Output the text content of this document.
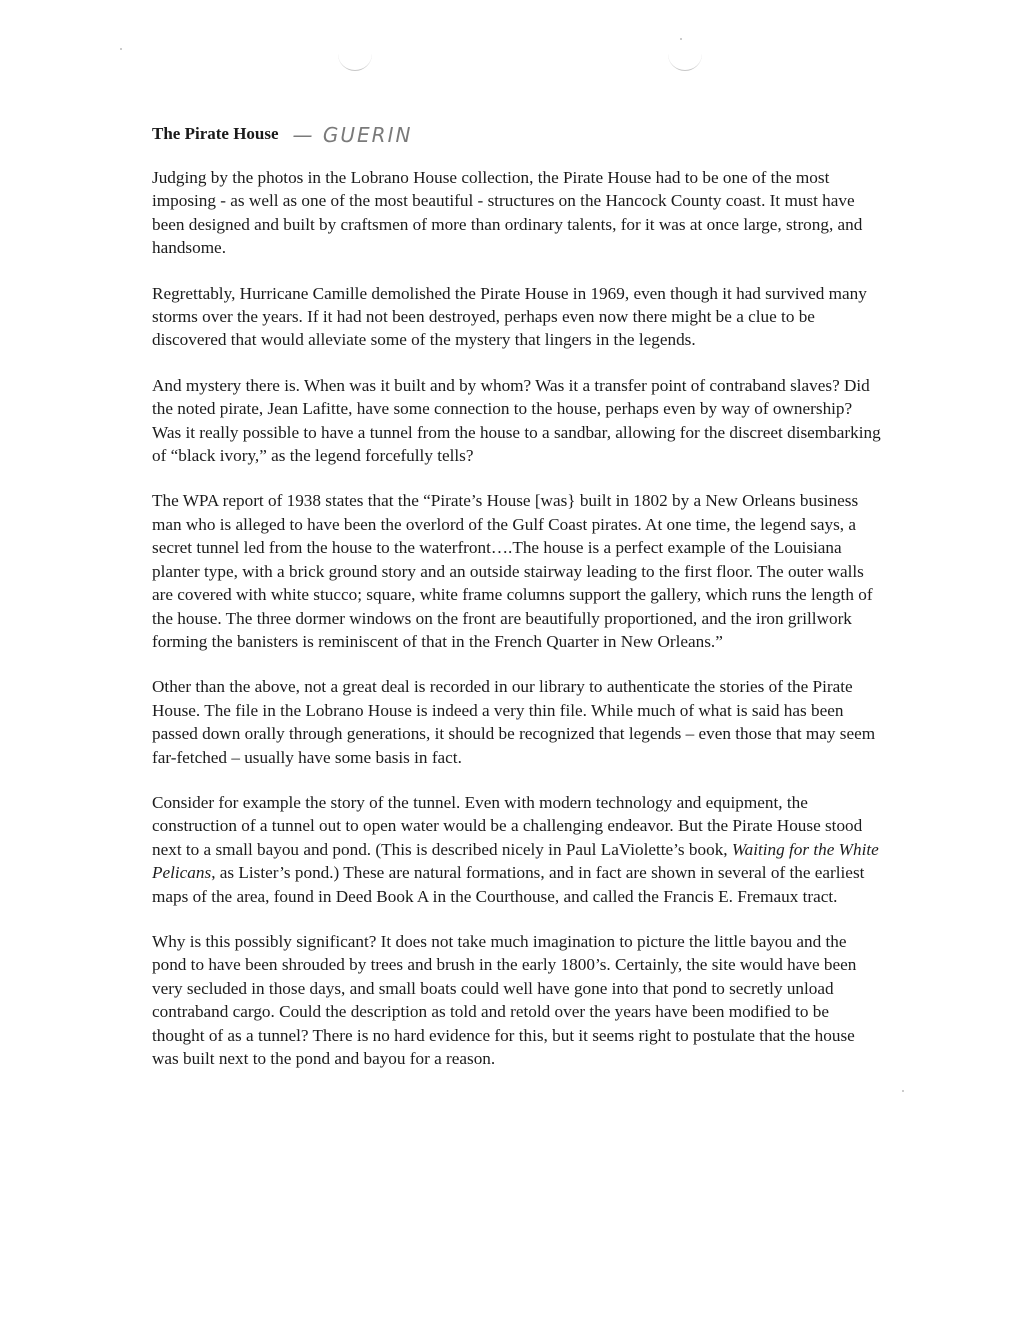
The Pirate House — GUERIN

Judging by the photos in the Lobrano House collection, the Pirate House had to be one of the most imposing - as well as one of the most beautiful - structures on the Hancock County coast. It must have been designed and built by craftsmen of more than ordinary talents, for it was at once large, strong, and handsome.

Regrettably, Hurricane Camille demolished the Pirate House in 1969, even though it had survived many storms over the years. If it had not been destroyed, perhaps even now there might be a clue to be discovered that would alleviate some of the mystery that lingers in the legends.

And mystery there is. When was it built and by whom? Was it a transfer point of contraband slaves? Did the noted pirate, Jean Lafitte, have some connection to the house, perhaps even by way of ownership? Was it really possible to have a tunnel from the house to a sandbar, allowing for the discreet disembarking of “black ivory,” as the legend forcefully tells?

The WPA report of 1938 states that the “Pirate’s House [was} built in 1802 by a New Orleans business man who is alleged to have been the overlord of the Gulf Coast pirates. At one time, the legend says, a secret tunnel led from the house to the waterfront….The house is a perfect example of the Louisiana planter type, with a brick ground story and an outside stairway leading to the first floor. The outer walls are covered with white stucco; square, white frame columns support the gallery, which runs the length of the house. The three dormer windows on the front are beautifully proportioned, and the iron grillwork forming the banisters is reminiscent of that in the French Quarter in New Orleans.”

Other than the above, not a great deal is recorded in our library to authenticate the stories of the Pirate House. The file in the Lobrano House is indeed a very thin file. While much of what is said has been passed down orally through generations, it should be recognized that legends – even those that may seem far-fetched – usually have some basis in fact.

Consider for example the story of the tunnel. Even with modern technology and equipment, the construction of a tunnel out to open water would be a challenging endeavor. But the Pirate House stood next to a small bayou and pond. (This is described nicely in Paul LaViolette’s book, Waiting for the White Pelicans, as Lister’s pond.) These are natural formations, and in fact are shown in several of the earliest maps of the area, found in Deed Book A in the Courthouse, and called the Francis E. Fremaux tract.

Why is this possibly significant? It does not take much imagination to picture the little bayou and the pond to have been shrouded by trees and brush in the early 1800’s. Certainly, the site would have been very secluded in those days, and small boats could well have gone into that pond to secretly unload contraband cargo. Could the description as told and retold over the years have been modified to be thought of as a tunnel? There is no hard evidence for this, but it seems right to postulate that the house was built next to the pond and bayou for a reason.
